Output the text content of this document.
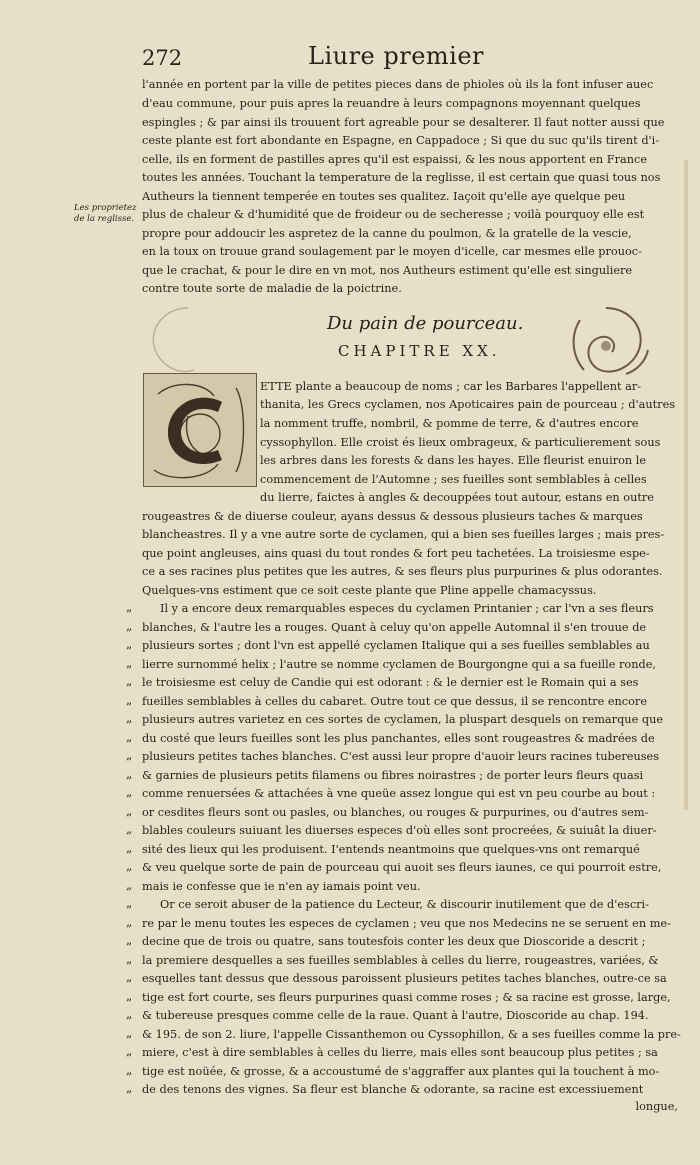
272	Liure premier

l'année en portent par la ville de petites pieces dans de phioles où ils la font infuser auec

d'eau commune, pour puis apres la reuandre à leurs compagnons moyennant quelques

espingles ; & par ainsi ils trouuent fort agreable pour se desalterer. Il faut notter aussi que

ceste plante est fort abondante en Espagne, en Cappadoce ; Si que du suc qu'ils tirent d'i-

celle, ils en forment de pastilles apres qu'il est espaissi, & les nous apportent en France

toutes les années. Touchant la temperature de la reglisse, il est certain que quasi tous nos

Autheurs la tiennent temperée en toutes ses qualitez. Iaçoit qu'elle aye quelque peu

plus de chaleur & d'humidité que de froideur ou de secheresse ; voilà pourquoy elle est

propre pour addoucir les aspretez de la canne du poulmon, & la gratelle de la vescie,

en la toux on trouue grand soulagement par le moyen d'icelle, car mesmes elle prouoc-

que le crachat, & pour le dire en vn mot, nos Autheurs estiment qu'elle est singuliere

contre toute sorte de maladie de la poictrine.

Les proprietez

de la reglisse.

Du pain de pourceau.

CHAPITRE XX.

ETTE plante a beaucoup de noms ; car les Barbares l'appellent ar-

thanita, les Grecs cyclamen, nos Apoticaires pain de pourceau ; d'autres

la nomment truffe, nombril, & pomme de terre, & d'autres encore

cyssophyllon. Elle croist és lieux ombrageux, & particulierement sous

les arbres dans les forests & dans les hayes. Elle fleurist enuiron le

commencement de l'Automne ; ses fueilles sont semblables à celles

du lierre, faictes à angles & decouppées tout autour, estans en outre

rougeastres & de diuerse couleur, ayans dessus & dessous plusieurs taches & marques

blancheastres. Il y a vne autre sorte de cyclamen, qui a bien ses fueilles larges ; mais pres-

que point angleuses, ains quasi du tout rondes & fort peu tachetées. La troisiesme espe-

ce a ses racines plus petites que les autres, & ses fleurs plus purpurines & plus odorantes.

Quelques-vns estiment que ce soit ceste plante que Pline appelle chamacyssus.

„ Il y a encore deux remarquables especes du cyclamen Printanier ; car l'vn a ses fleurs

„ blanches, & l'autre les a rouges. Quant à celuy qu'on appelle Automnal il s'en trouue de

„ plusieurs sortes ; dont l'vn est appellé cyclamen Italique qui a ses fueilles semblables au

„ lierre surnommé helix ; l'autre se nomme cyclamen de Bourgongne qui a sa fueille ronde,

„ le troisiesme est celuy de Candie qui est odorant : & le dernier est le Romain qui a ses

„ fueilles semblables à celles du cabaret. Outre tout ce que dessus, il se rencontre encore

„ plusieurs autres varietez en ces sortes de cyclamen, la pluspart desquels on remarque que

„ du costé que leurs fueilles sont les plus panchantes, elles sont rougeastres & madrées de

„ plusieurs petites taches blanches. C'est aussi leur propre d'auoir leurs racines tubereuses

„ & garnies de plusieurs petits filamens ou fibres noirastres ; de porter leurs fleurs quasi

„ comme renuersées & attachées à vne queüe assez longue qui est vn peu courbe au bout :

„ or cesdites fleurs sont ou pasles, ou blanches, ou rouges & purpurines, ou d'autres sem-

„ blables couleurs suiuant les diuerses especes d'où elles sont procreées, & suiuât la diuer-

„ sité des lieux qui les produisent. I'entends neantmoins que quelques-vns ont remarqué

„ & veu quelque sorte de pain de pourceau qui auoit ses fleurs iaunes, ce qui pourroit estre,

„ mais ie confesse que ie n'en ay iamais point veu.

„ Or ce seroit abuser de la patience du Lecteur, & discourir inutilement que de d'escri-

„ re par le menu toutes les especes de cyclamen ; veu que nos Medecins ne se seruent en me-

„ decine que de trois ou quatre, sans toutesfois conter les deux que Dioscoride a descrit ;

„ la premiere desquelles a ses fueilles semblables à celles du lierre, rougeastres, variées, &

„ esquelles tant dessus que dessous paroissent plusieurs petites taches blanches, outre-ce sa

„ tige est fort courte, ses fleurs purpurines quasi comme roses ; & sa racine est grosse, large,

„ & tubereuse presques comme celle de la raue. Quant à l'autre, Dioscoride au chap. 194.

„ & 195. de son 2. liure, l'appelle Cissanthemon ou Cyssophillon, & a ses fueilles comme la pre-

„ miere, c'est à dire semblables à celles du lierre, mais elles sont beaucoup plus petites ; sa

„ tige est noüée, & grosse, & a accoustumé de s'aggraffer aux plantes qui la touchent à mo-

„ de des tenons des vignes. Sa fleur est blanche & odorante, sa racine est excessiuement

longue,
